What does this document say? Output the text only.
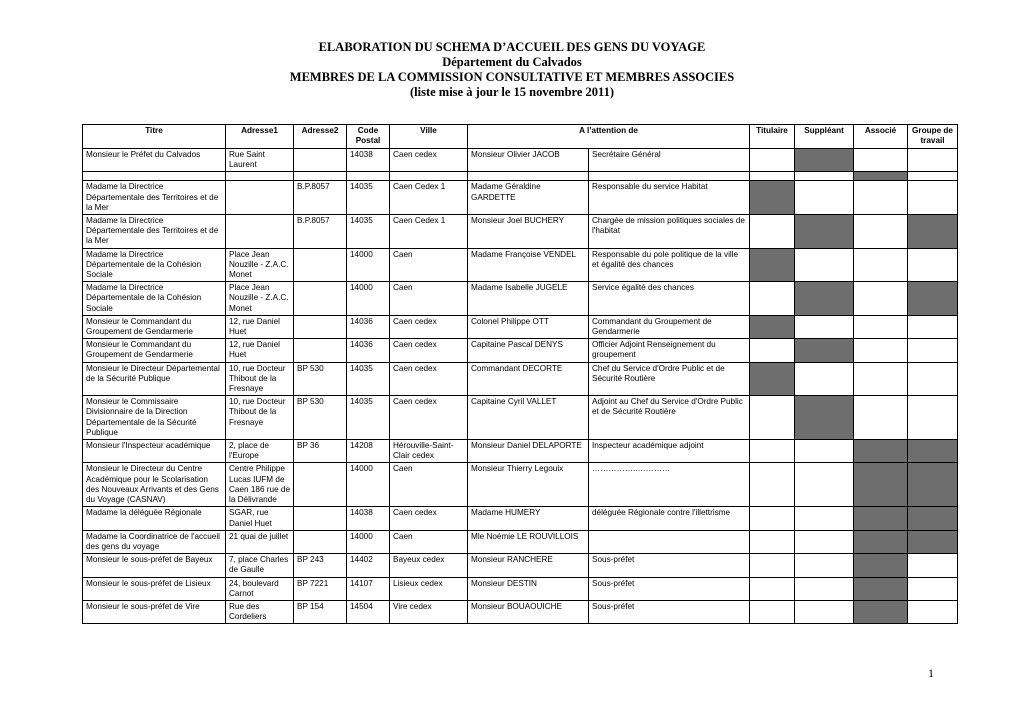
ELABORATION DU SCHEMA D’ACCUEIL DES GENS DU VOYAGE
Département du Calvados
MEMBRES DE LA COMMISSION CONSULTATIVE ET MEMBRES ASSOCIES
(liste mise à jour le 15 novembre 2011)
Titre	Adresse1	Adresse2	Code Postal	Ville	A l’attention de		Titulaire	Suppléant	Associé	Groupe de travail
Monsieur le Préfet du Calvados	Rue Saint Laurent		14038	Caen cedex	Monsieur Olivier JACOB	Secrétaire Général				

Madame la Directrice Départementale des Territoires et de la Mer		B.P.8057	14035	Caen Cedex 1	Madame Géraldine GARDETTE	Responsable du service Habitat				
Madame la Directrice Départementale des Territoires et de la Mer		B.P.8057	14035	Caen Cedex 1	Monsieur Joel BUCHERY	Chargée de mission politiques sociales de l'habitat				
Madame la Directrice Départementale de la Cohésion Sociale	Place Jean Nouzille - Z.A.C. Monet		14000	Caen	Madame Françoise VENDEL	Responsable du pole politique de la ville et égalité des chances				
Madame la Directrice Départementale de la Cohésion Sociale	Place Jean Nouzille - Z.A.C. Monet		14000	Caen	Madame Isabelle JUGELE	Service égalité des chances				
Monsieur le Commandant du Groupement de Gendarmerie	12, rue Daniel Huet		14036	Caen cedex	Colonel Philippe OTT	Commandant du Groupement de Gendarmerie				
Monsieur le Commandant du Groupement de Gendarmerie	12, rue Daniel Huet		14036	Caen cedex	Capitaine Pascal DENYS	Officier Adjoint Renseignement du groupement				
Monsieur le Directeur Départemental de la Sécurité Publique	10, rue Docteur Thibout de la Fresnaye	BP 530	14035	Caen cedex	Commandant DECORTE	Chef du Service d'Ordre Public et de Sécurité Routière				
Monsieur le Commissaire Divisionnaire de la Direction Départementale de la Sécurité Publique	10, rue Docteur Thibout de la Fresnaye	BP 530	14035	Caen cedex	Capitaine Cyril VALLET	Adjoint au Chef du Service d'Ordre Public et de Sécurité Routière				
Monsieur l'Inspecteur académique	2, place de l'Europe	BP 36	14208	Hérouville-Saint-Clair cedex	Monsieur Daniel DELAPORTE	Inspecteur académique adjoint				
Monsieur le Directeur du Centre Académique pour le Scolarisation des Nouveaux Arrivants et des Gens du Voyage (CASNAV)	Centre Philippe Lucas IUFM de Caen 186 rue de la Délivrande		14000	Caen	Monsieur Thierry Legouix	……………..…………				
Madame la déléguée Régionale	SGAR, rue Daniel Huet		14038	Caen cedex	Madame HUMERY	déléguée Régionale contre l'illettrisme				
Madame la Coordinatrice de l'accueil des gens du voyage	21 quai de juillet		14000	Caen	Mle Noémie LE ROUVILLOIS					
Monsieur le sous-préfet de Bayeux	7, place Charles de Gaulle	BP 243	14402	Bayeux cedex	Monsieur RANCHERE	Sous-préfet				
Monsieur le sous-préfet de Lisieux	24, boulevard Carnot	BP 7221	14107	Lisieux cedex	Monsieur DESTIN	Sous-préfet				
Monsieur le sous-préfet de Vire	Rue des Cordeliers	BP 154	14504	Vire cedex	Monsieur BOUAOUICHE	Sous-préfet				
1
